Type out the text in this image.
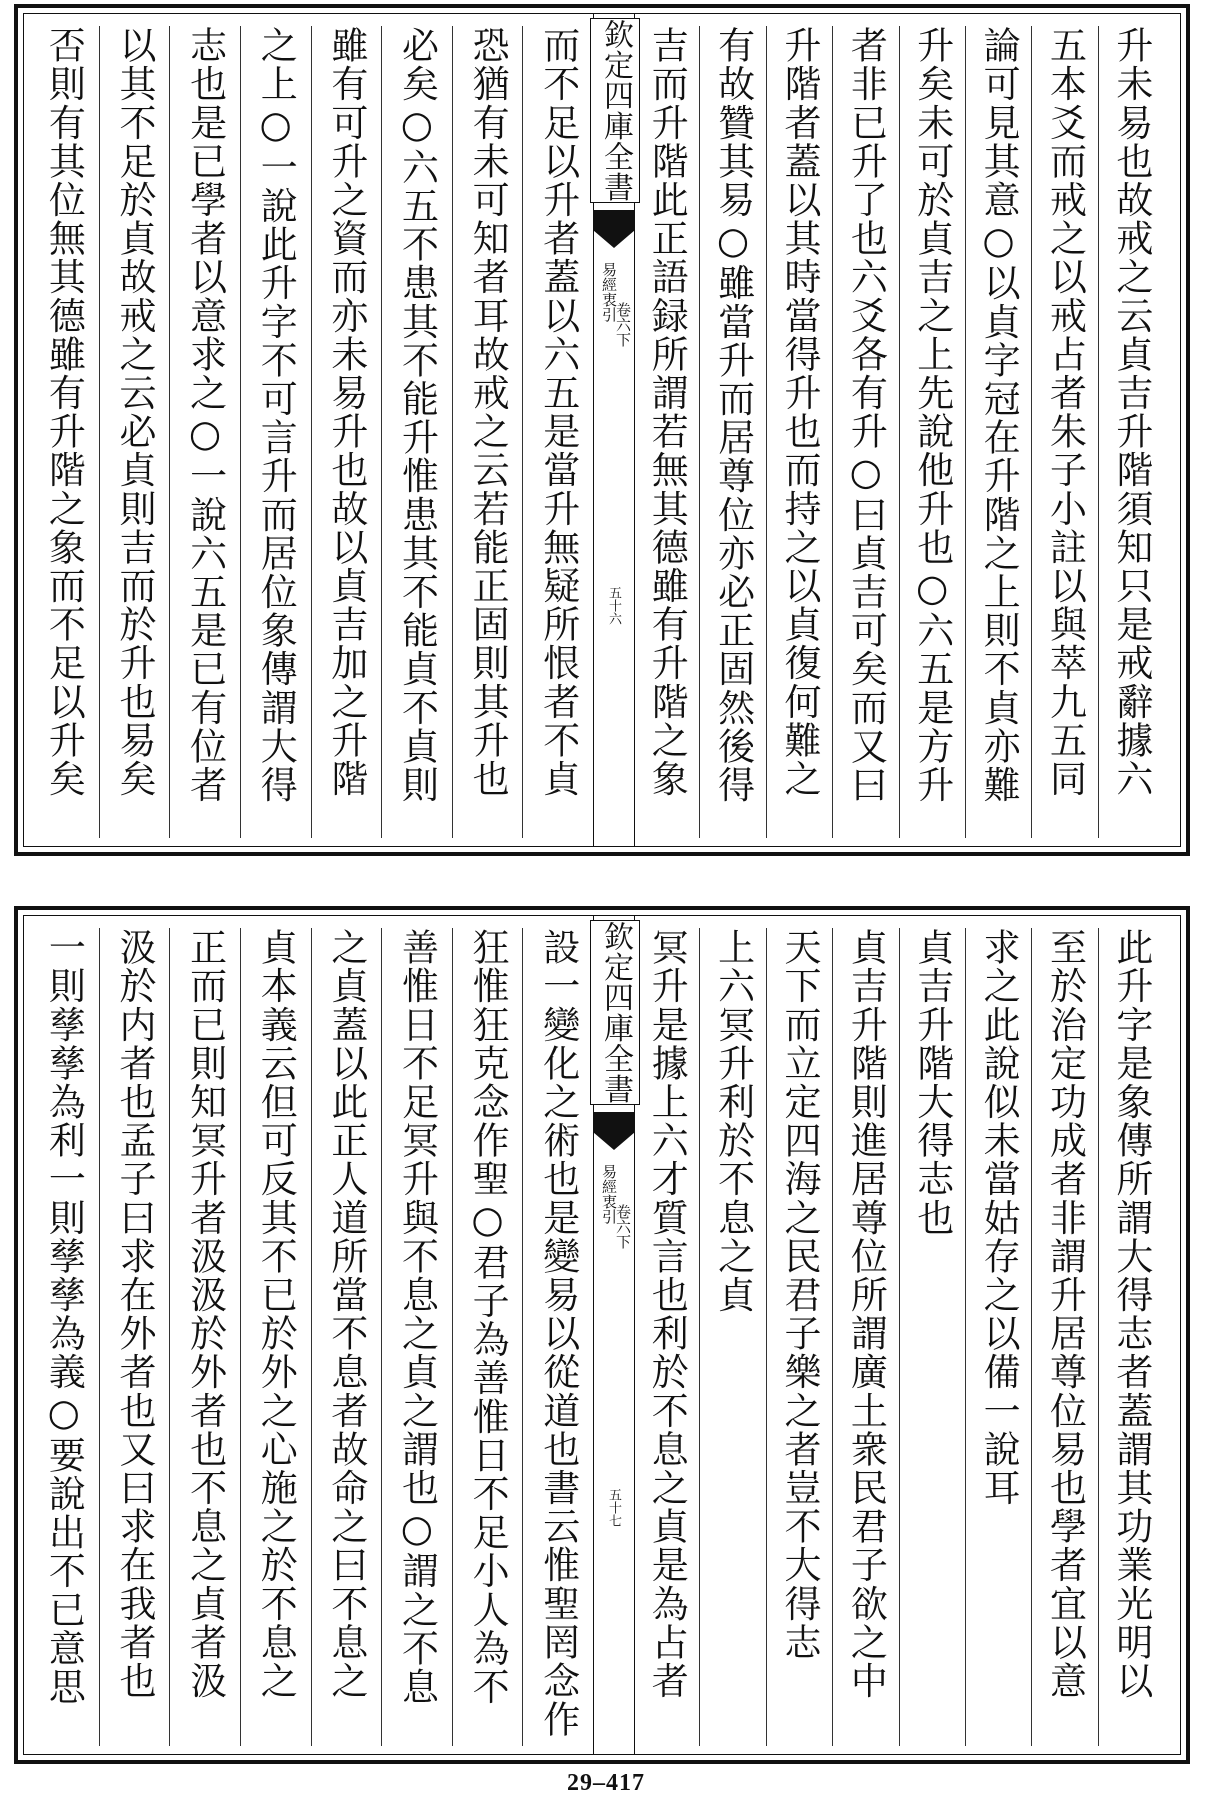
欽定四庫全書
易經衷引
卷六下
五十六	升未易也故戒之云貞吉升階須知只是戒辭據六
五本爻而戒之以戒占者朱子小註以與萃九五同
論可見其意○以貞字冠在升階之上則不貞亦難
升矣未可於貞吉之上先說他升也○六五是方升
者非已升了也六爻各有升○曰貞吉可矣而又曰
升階者蓋以其時當得升也而持之以貞復何難之
有故贊其易○雖當升而居尊位亦必正固然後得
吉而升階此正語録所謂若無其德雖有升階之象
而不足以升者蓋以六五是當升無疑所恨者不貞
恐猶有未可知者耳故戒之云若能正固則其升也
必矣○六五不患其不能升惟患其不能貞不貞則
雖有可升之資而亦未易升也故以貞吉加之升階
之上○一說此升字不可言升而居位象傳謂大得
志也是已學者以意求之○一說六五是已有位者
以其不足於貞故戒之云必貞則吉而於升也易矣
否則有其位無其德雖有升階之象而不足以升矣
欽定四庫全書
易經衷引
卷六下
五十七	此升字是象傳所謂大得志者蓋謂其功業光明以
至於治定功成者非謂升居尊位易也學者宜以意
求之此說似未當姑存之以備一說耳
貞吉升階大得志也
貞吉升階則進居尊位所謂廣土衆民君子欲之中
天下而立定四海之民君子樂之者豈不大得志
上六冥升利於不息之貞
冥升是據上六才質言也利於不息之貞是為占者
設一變化之術也是變易以從道也書云惟聖罔念作
狂惟狂克念作聖○君子為善惟日不足小人為不
善惟日不足冥升與不息之貞之謂也○謂之不息
之貞蓋以此正人道所當不息者故命之曰不息之
貞本義云但可反其不已於外之心施之於不息之
正而已則知冥升者汲汲於外者也不息之貞者汲
汲於内者也孟子曰求在外者也又曰求在我者也
一則孳孳為利一則孳孳為義○要說出不已意思
29–417
